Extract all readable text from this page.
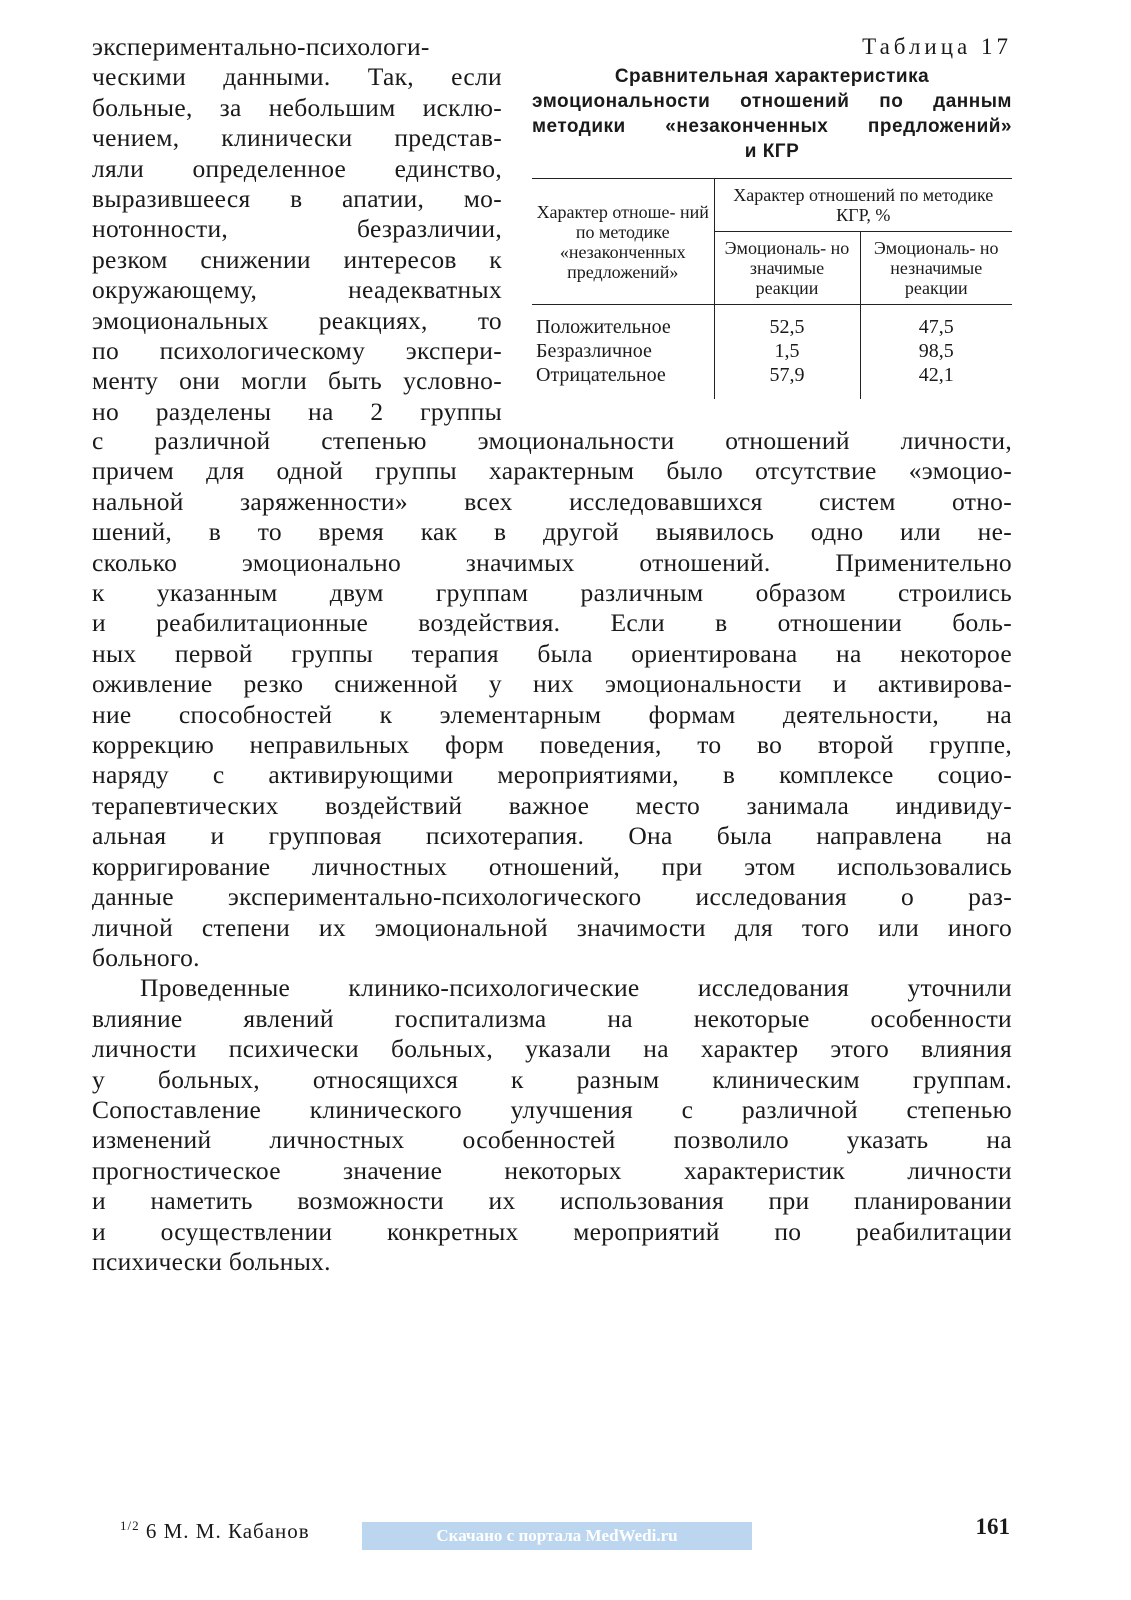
экспериментально-психологи-
ческими данными. Так, если
больные, за небольшим исклю-
чением, клинически представ-
ляли определенное единство,
выразившееся в апатии, мо-
нотонности, безразличии,
резком снижении интересов к
окружающему, неадекватных
эмоциональных реакциях, то
по психологическому экспери-
менту они могли быть условно-
но разделены на 2 группы
Таблица 17
Сравнительная характеристика
эмоциональности отношений по данным
методики «незаконченных предложений»
и КГР
Характер отноше- ний по методике «незаконченных предложений»	Характер отношений по методике КГР, %	
	Эмоциональ- но значимые реакции	Эмоциональ- но незначимые реакции
Положительное	52,5	47,5
Безразличное	1,5	98,5
Отрицательное	57,9	42,1
с различной степенью эмоциональности отношений личности,
причем для одной группы характерным было отсутствие «эмоцио-
нальной заряженности» всех исследовавшихся систем отно-
шений, в то время как в другой выявилось одно или не-
сколько эмоционально значимых отношений. Применительно
к указанным двум группам различным образом строились
и реабилитационные воздействия. Если в отношении боль-
ных первой группы терапия была ориентирована на некоторое
оживление резко сниженной у них эмоциональности и активирова-
ние способностей к элементарным формам деятельности, на
коррекцию неправильных форм поведения, то во второй группе,
наряду с активирующими мероприятиями, в комплексе социо-
терапевтических воздействий важное место занимала индивиду-
альная и групповая психотерапия. Она была направлена на
корригирование личностных отношений, при этом использовались
данные экспериментально-психологического исследования о раз-
личной степени их эмоциональной значимости для того или иного
больного.
Проведенные клинико-психологические исследования уточнили
влияние явлений госпитализма на некоторые особенности
личности психически больных, указали на характер этого влияния
у больных, относящихся к разным клиническим группам.
Сопоставление клинического улучшения с различной степенью
изменений личностных особенностей позволило указать на
прогностическое значение некоторых характеристик личности
и наметить возможности их использования при планировании
и осуществлении конкретных мероприятий по реабилитации
психически больных.
$^{1/2}$ 6 М. М. Кабанов	161
Скачано с портала MedWedi.ru
